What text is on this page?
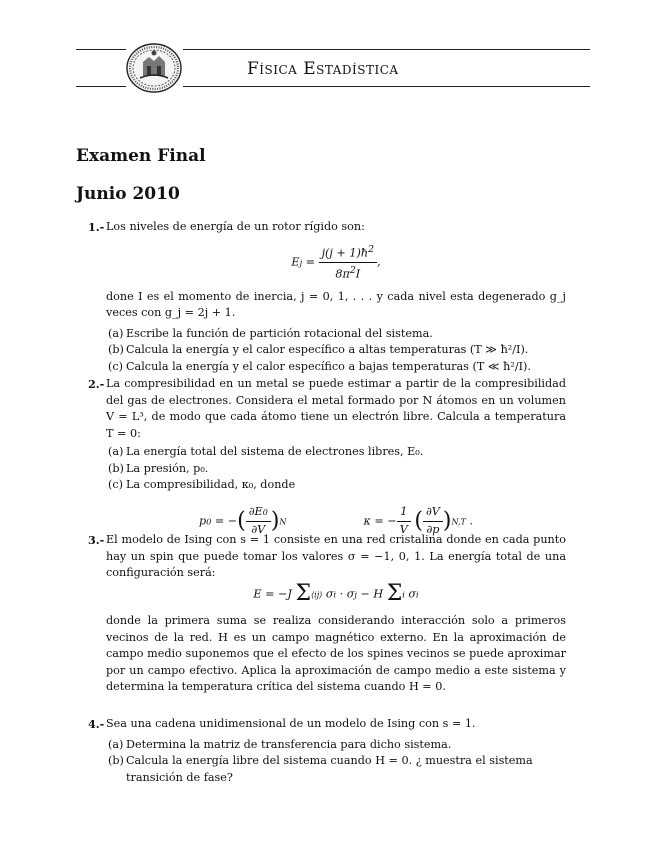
Física Estadística
Examen Final
Junio 2010
1.- Los niveles de energía de un rotor rígido son:
$Ej = \frac{j(j + 1)ħ^2}{8\pi^2I}$ ,
done I es el momento de inercia, j = 0, 1, . . . y cada nivel esta degenerado g_j veces con g_j = 2j + 1.
(a) Escribe la función de partición rotacional del sistema.
(b) Calcula la energía y el calor específico a altas temperaturas (T ≫ ħ²/I).
(c) Calcula la energía y el calor específico a bajas temperaturas (T ≪ ħ²/I).
2.- La compresibilidad en un metal se puede estimar a partir de la compresibilidad del gas de electrones. Considera el metal formado por N átomos en un volumen V = L³, de modo que cada átomo tiene un electrón libre. Calcula a temperatura T = 0:
(a) La energía total del sistema de electrones libres, E₀.
(b) La presión, p₀.
(c) La compresibilidad, κ₀, donde
p0 = −( $\frac{\partial E0}{\partial V} )N$	κ = − $\frac{1}{V}$ ( $\frac{\partial V}{\partial p} )N,T$ .
3.- El modelo de Ising con s = 1 consiste en una red cristalina donde en cada punto hay un spin que puede tomar los valores σ = −1, 0, 1. La energía total de una configuración será:
E = −J Σ⟨ij⟩ σi · σj − H Σi σi
donde la primera suma se realiza considerando interacción solo a primeros vecinos de la red. H es un campo magnético externo. En la aproximación de campo medio suponemos que el efecto de los spines vecinos se puede aproximar por un campo efectivo. Aplica la aproximación de campo medio a este sistema y determina la temperatura crítica del sistema cuando H = 0.
4.- Sea una cadena unidimensional de un modelo de Ising con s = 1.
(a) Determina la matriz de transferencia para dicho sistema.
(b) Calcula la energía libre del sistema cuando H = 0. ¿ muestra el sistema transición de fase?
